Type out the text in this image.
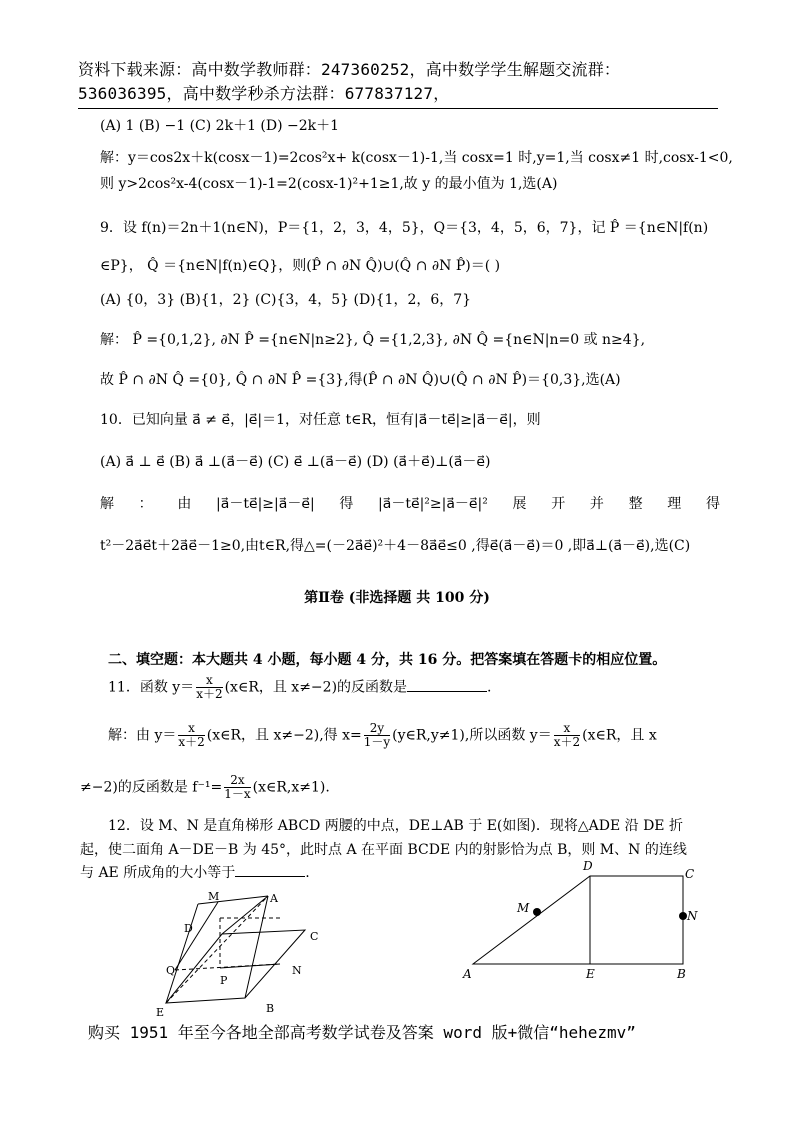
资料下载来源：高中数学教师群：247360252，高中数学学生解题交流群：
536036395，高中数学秒杀方法群：677837127，
(A) 1 (B) −1 (C) 2k＋1 (D) −2k＋1
解：y＝cos2x＋k(cosx－1)=2cos²x+ k(cosx－1)-1,当 cosx=1 时,y=1,当 cosx≠1 时,cosx-1<0,
则 y>2cos²x-4(cosx－1)-1=2(cosx-1)²+1≥1,故 y 的最小值为 1,选(A)
9．设 f(n)＝2n＋1(n∈N)，P＝{1，2，3，4，5}，Q＝{3，4，5，6，7}，记 P̂ ＝{n∈N|f(n)
∈P}， Q̂ ＝{n∈N|f(n)∈Q}，则(P̂ ∩ ∂N Q̂)∪(Q̂ ∩ ∂N P̂)＝( )
(A) {0，3} (B){1，2} (C){3，4，5} (D){1，2，6，7}
解： P̂ ={0,1,2}, ∂N P̂ ={n∈N|n≥2}, Q̂ ={1,2,3}, ∂N Q̂ ={n∈N|n=0 或 n≥4},
故 P̂ ∩ ∂N Q̂ ={0}, Q̂ ∩ ∂N P̂ ={3},得(P̂ ∩ ∂N Q̂)∪(Q̂ ∩ ∂N P̂)＝{0,3},选(A)
10．已知向量 a⃗ ≠ e⃗，|e⃗|＝1，对任意 t∈R，恒有|a⃗－te⃗|≥|a⃗－e⃗|，则
(A) a⃗ ⊥ e⃗ (B) a⃗ ⊥(a⃗－e⃗) (C) e⃗ ⊥(a⃗－e⃗) (D) (a⃗＋e⃗)⊥(a⃗－e⃗)
解：由|a⃗－te⃗|≥|a⃗－e⃗|得|a⃗－te⃗|²≥|a⃗－e⃗|²展开并整理得
t²－2a⃗e⃗t＋2a⃗e⃗－1≥0,由t∈R,得△=(－2a⃗e⃗)²＋4－8a⃗e⃗≤0 ,得e⃗(a⃗－e⃗)＝0 ,即a⃗⊥(a⃗－e⃗),选(C)
第Ⅱ卷 (非选择题 共 100 分)
二、填空题：本大题共 4 小题，每小题 4 分，共 16 分。把答案填在答题卡的相应位置。
11．函数 $y= \frac{x}{x+2}$ (x∈R，且 x≠−2)的反函数是	.
解：由 $y= \frac{x}{x+2}$ (x∈R，且 x≠−2),得 $x= \frac{2y}{1-y}$ (y∈R,y≠1),所以函数 $y= \frac{x}{x+2}$ (x∈R，且 x
≠−2)的反函数是 $f^{-1}= \frac{2x}{1-x}$ (x∈R,x≠1).
12．设 M、N 是直角梯形 ABCD 两腰的中点，DE⊥AB 于 E(如图)．现将△ADE 沿 DE 折
起，使二面角 A－DE－B 为 45°，此时点 A 在平面 BCDE 内的射影恰为点 B，则 M、N 的连线
与 AE 所成角的大小等于	.
D
M	A
C
Q
P
N
E	B
D
C
M
N
A	E	B
购买 1951 年至今各地全部高考数学试卷及答案 word 版+微信“hehezmv”
